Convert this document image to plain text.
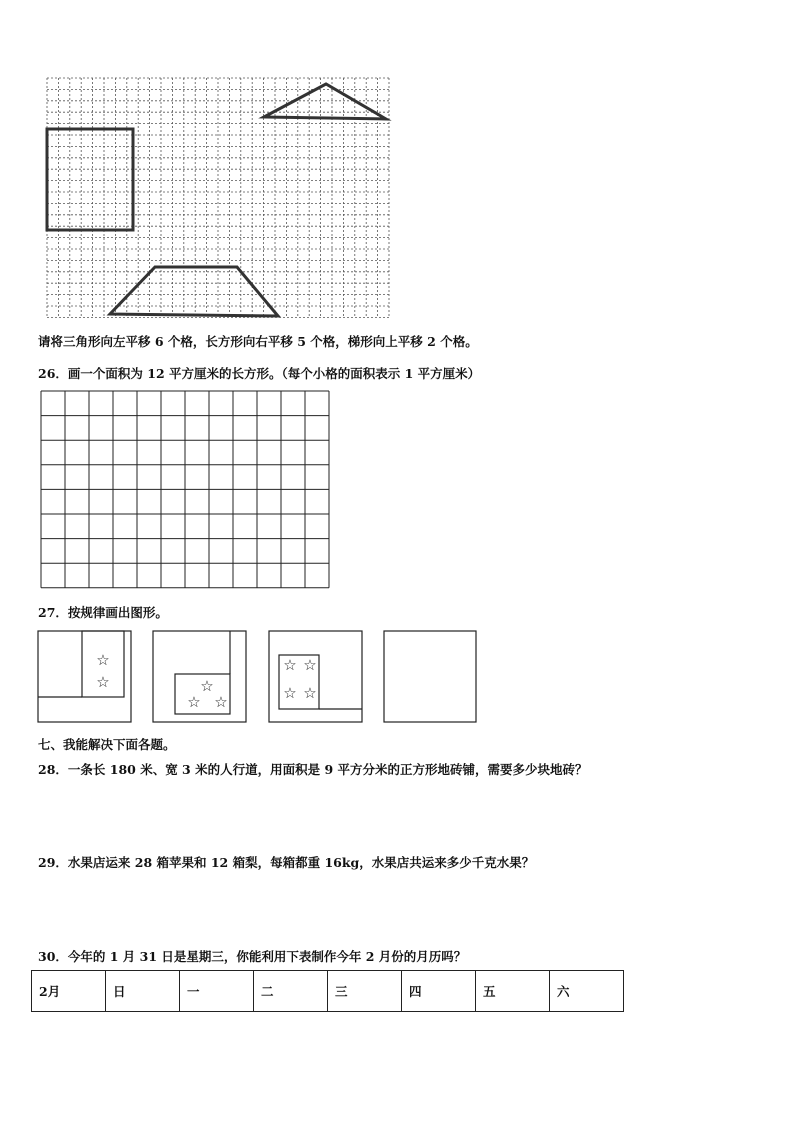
请将三角形向左平移 6 个格，长方形向右平移 5 个格，梯形向上平移 2 个格。
26．画一个面积为 12 平方厘米的长方形。（每个小格的面积表示 1 平方厘米）
27．按规律画出图形。
☆
☆	☆
☆ ☆
☆ ☆
☆ ☆
七、我能解决下面各题。
28．一条长 180 米、宽 3 米的人行道，用面积是 9 平方分米的正方形地砖铺，需要多少块地砖？
29．水果店运来 28 箱苹果和 12 箱梨，每箱都重 16kg，水果店共运来多少千克水果？
30．今年的 1 月 31 日是星期三，你能利用下表制作今年 2 月份的月历吗？
2月	日	一	二	三	四	五	六
